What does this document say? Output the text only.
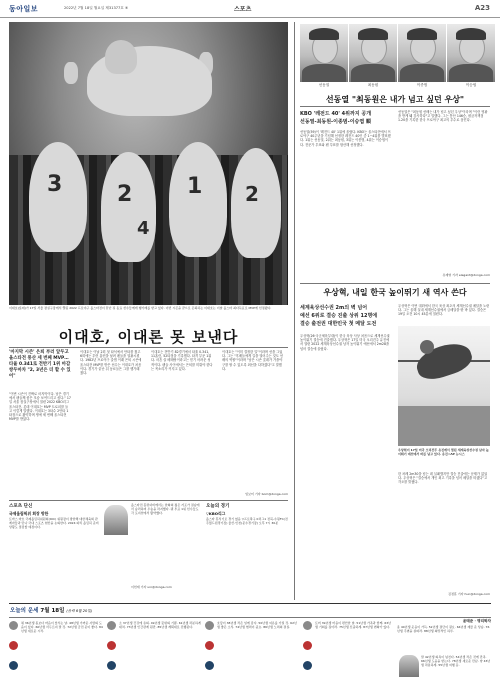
동아일보	2022년 7월 18일 월요일 제31377호 ⑥	스포츠	A23
3 2 1 2
4
이대호(롯데)가 17일 서울 잠실구장에서 열린 2022 프로야구 올스타전이 끝난 뒤 동료 선수들에게 헹가래를 받고 있다. 이번 시즌을 끝으로 은퇴하는 이대호는 이날 올스타 최다득표로 MVP에 선정됐다.
이대호, 이대론 못 보낸다
'마지막 시즌' 은퇴 부러 앞두고 올스타전 통산 세 번째 MVP… 타율 0.341로 전반기 1위 마감 쌍두마차 "2, 3년은 더 할 수 있어"
"이번 시즌이 진짜로 마지막이다. 남은 경기에서 팬들께 좋은 모습 보여드리고 싶다." 17일 서울 잠실구장에서 열린 2022 KBO리그 올스타전. 롯데 이대호는 MVP 트로피를 들고 이렇게 말했다. 이대호는 3타수 2안타 1타점으로 활약하며 생애 세 번째 올스타전 MVP를 받았다.
이대호는 이날 2회 첫 타석에서 안타를 쳤고 6회에는 투런 홈런을 날려 팬들을 열광시켰다. 1982년 프로야구 출범 이래 은퇴 시즌에 올스타전 MVP를 받은 선수는 이대호가 처음이다. 경기가 끝난 뒤 동료들은 그를 헹가래쳤다.
이대호는 전반기 82경기에서 타율 0.341, 11홈런, 52타점을 기록했다. 타격 부문 1위다. 마흔 살 베테랑이라고는 믿기 어려운 성적이다. 팬들 사이에서는 은퇴를 미뤄야 한다는 목소리가 커지고 있다.
이대호는 "이미 결정한 일"이라며 선을 그었다. 그는 "후배들에게 길을 열어주는 것도 선배의 역할"이라며 "남은 시즌 롯데가 가을야구를 할 수 있도록 최선을 다하겠다"고 말했다.
임보미 기자 bom@donga.com
스포츠 단신
국제올림픽위 회장 방한
토마스 바흐 국제올림픽위원회(IOC) 위원장이 방한해 대한체육회 관계자들과 만나 국내 스포츠 현안을 논의한다. 2024 파리 올림픽 준비 상황도 점검할 예정이다.
올스타전 홈런더비에서는 한화의 젊은 거포가 결승에서 승리하며 우승을 차지했다. 팬 투표 1위 선수들도 각 포지션에서 활약했다.
이헌재 기자 uni@donga.com
오늘의 경기
▽KBO리그
올스타 휴식기로 경기 없음 ▽프로축구 K리그1 전북-수원FC(전주월드컵경기장) 울산-인천(문수경기장) 오후 7시 30분
선동열	최동원	이종범	이승엽
선동열 "최동원은 내가 넘고 싶던 우상"
KBO '레전드 40' 4위까지 공개
선동열-최동원-이종범-이승엽 順
선동열(59)이 '레전드 40' 1위에 올랐다. KBO는 올스타전에서 프로야구 40주년을 기념해 선정한 레전드 40인 중 1~4위를 발표했다. 1위는 선동열, 2위는 최동원, 3위는 이종범, 4위는 이승엽이다. 전문가 투표와 팬 투표를 합산해 선정했다.
선동열은 "최동원 선배는 내가 넘고 싶던 우상"이라며 "이런 영광을 받게 돼 감사하다"고 말했다. 그는 통산 146승, 평균자책점 1.20을 기록한 한국 프로야구 최고의 투수로 꼽힌다.
유재영 기자 elegant@donga.com
우상혁, 내일 한국 높이뛰기 새 역사 쓴다
세계육상선수권 2m의 벽 넘어
예선 6위로 결승 진출 상위 12명에
결승 출전권 대한민국 첫 메달 도전
우상혁(26·국군체육부대)이 한국 육상 사상 처음으로 세계선수권 높이뛰기 결승에 진출했다. 우상혁은 17일 미국 오리건주 유진에서 열린 2022 세계육상선수권 남자 높이뛰기 예선에서 2m28을 넘어 결승에 올랐다.
우상혁은 이번 대회에서 한국 육상 최초의 세계선수권 메달을 노린다. 그는 올해 실내 세계선수권에서 금메달을 딴 바 있다. 결승은 19일 오전 10시 45분에 열린다.
우상혁이 17일 미국 오리건주 유진에서 열린 세계육상선수권 남자 높이뛰기 예선에서 바를 넘고 있다. 유진=AP 뉴시스
한 차례 2m30을 넘는 데 실패했지만 결승 진출에는 문제가 없었다. 우상혁은 "결승에서 개인 최고 기록을 넘어 메달을 따겠다"고 각오를 밝혔다.
김정훈 기자 hun@donga.com
오늘의 운세 7월 18일 (음력 6월 20일)
쥐 36년생 몸보다 마음이 앞서는 날. 48년생 가까운 사람의 도움이 있다. 60년생 서두르지 말 것. 72년생 금전 운이 좋다. 84년생 새로운 시작.
소 37년생 건강에 유의. 49년생 뜻밖의 기쁨. 61년생 차분하게 대처. 73년생 인간관계 원만. 85년생 계획대로 진행된다.
호랑이 38년생 작은 일에 감사. 50년생 여유를 가질 것. 62년생 좋은 소식. 74년생 협력이 중요. 86년생 노력의 결실.
토끼 39년생 마음이 편안한 날. 51년생 가족과 함께. 63년생 기회를 잡아라. 75년생 신중하게. 87년생 변화가 있다.
윤태준 · 명리학자
용 40년생 웃음이 가득. 52년생 결단이 필요. 64년생 재물 운 상승. 76년생 주변을 살펴라. 88년생 희망적인 하루.
말 42년생 의욕이 넘친다. 54년생 작은 것에 만족. 66년생 도움을 받는다. 78년생 새로운 만남. 양 43년생 차분하게. 55년생 여행 운.
